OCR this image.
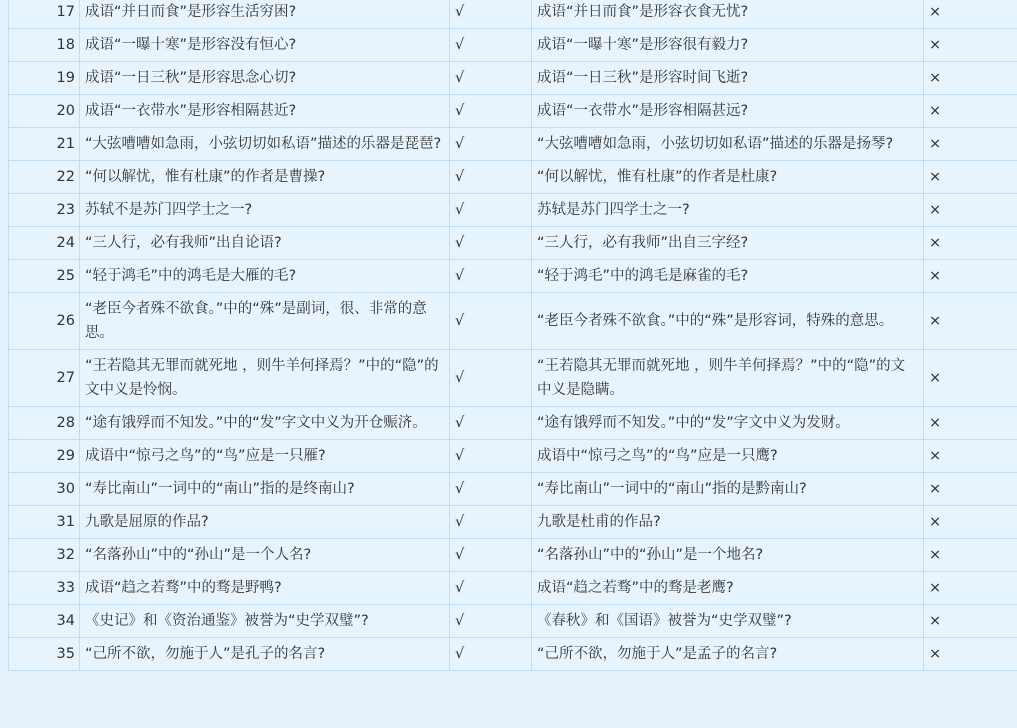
17	成语“并日而食”是形容生活穷困?	√	成语“并日而食”是形容衣食无忧?	×
18	成语“一曝十寒”是形容没有恒心?	√	成语“一曝十寒”是形容很有毅力?	×
19	成语“一日三秋”是形容思念心切?	√	成语“一日三秋”是形容时间飞逝?	×
20	成语“一衣带水”是形容相隔甚近?	√	成语“一衣带水”是形容相隔甚远?	×
21	“大弦嘈嘈如急雨，小弦切切如私语”描述的乐器是琵琶?	√	“大弦嘈嘈如急雨，小弦切切如私语”描述的乐器是扬琴?	×
22	“何以解忧，惟有杜康”的作者是曹操?	√	“何以解忧，惟有杜康”的作者是杜康?	×
23	苏轼不是苏门四学士之一?	√	苏轼是苏门四学士之一?	×
24	“三人行，必有我师”出自论语?	√	“三人行，必有我师”出自三字经?	×
25	“轻于鸿毛”中的鸿毛是大雁的毛?	√	“轻于鸿毛”中的鸿毛是麻雀的毛?	×
26	“老臣今者殊不欲食。”中的“殊”是副词，很、非常的意思。	√	“老臣今者殊不欲食。”中的“殊”是形容词，特殊的意思。	×
27	“王若隐其无罪而就死地 ，则牛羊何择焉？”中的“隐”的文中义是怜悯。	√	“王若隐其无罪而就死地 ，则牛羊何择焉？”中的“隐”的文中义是隐瞒。	×
28	“途有饿殍而不知发。”中的“发”字文中义为开仓赈济。	√	“途有饿殍而不知发。”中的“发”字文中义为发财。	×
29	成语中“惊弓之鸟”的“鸟”应是一只雁?	√	成语中“惊弓之鸟”的“鸟”应是一只鹰?	×
30	“寿比南山”一词中的“南山”指的是终南山?	√	“寿比南山”一词中的“南山”指的是黔南山?	×
31	九歌是屈原的作品?	√	九歌是杜甫的作品?	×
32	“名落孙山”中的“孙山”是一个人名?	√	“名落孙山”中的“孙山”是一个地名?	×
33	成语“趋之若骛”中的骛是野鸭?	√	成语“趋之若骛”中的骛是老鹰?	×
34	《史记》和《资治通鉴》被誉为“史学双璧”?	√	《春秋》和《国语》被誉为“史学双璧”?	×
35	“己所不欲，勿施于人”是孔子的名言?	√	“己所不欲，勿施于人”是孟子的名言?	×
